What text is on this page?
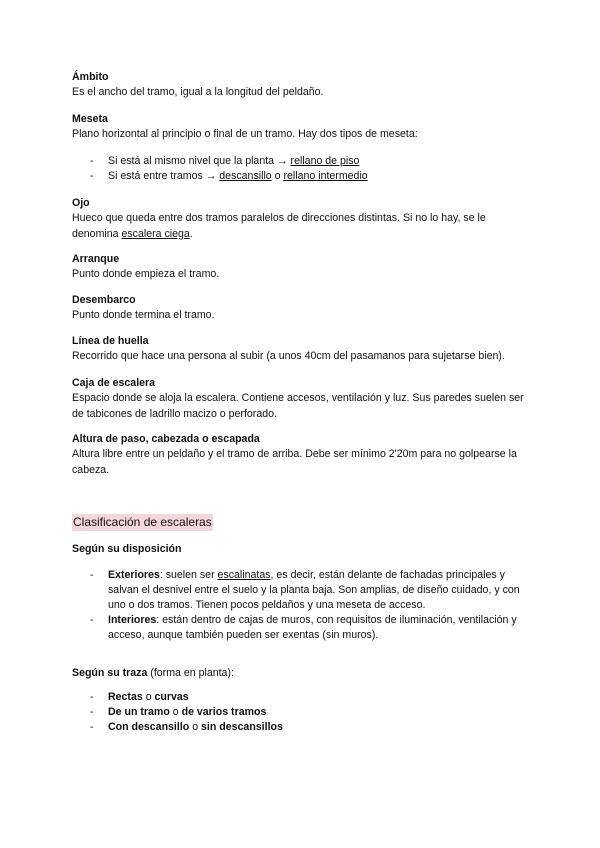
Ámbito
Es el ancho del tramo, igual a la longitud del peldaño.
Meseta
Plano horizontal al principio o final de un tramo. Hay dos tipos de meseta:
- Si está al mismo nivel que la planta → rellano de piso
- Si está entre tramos → descansillo o rellano intermedio
Ojo
Hueco que queda entre dos tramos paralelos de direcciones distintas. Si no lo hay, se le denomina escalera ciega.
Arranque
Punto donde empieza el tramo.
Desembarco
Punto donde termina el tramo.
Línea de huella
Recorrido que hace una persona al subir (a unos 40cm del pasamanos para sujetarse bien).
Caja de escalera
Espacio donde se aloja la escalera. Contiene accesos, ventilación y luz. Sus paredes suelen ser de tabicones de ladrillo macizo o perforado.
Altura de paso, cabezada o escapada
Altura libre entre un peldaño y el tramo de arriba. Debe ser mínimo 2'20m para no golpearse la cabeza.
Clasificación de escaleras
Según su disposición
- Exteriores: suelen ser escalinatas, es decir, están delante de fachadas principales y salvan el desnivel entre el suelo y la planta baja. Son amplias, de diseño cuidado, y con uno o dos tramos. Tienen pocos peldaños y una meseta de acceso.
- Interiores: están dentro de cajas de muros, con requisitos de iluminación, ventilación y acceso, aunque también pueden ser exentas (sin muros).
Según su traza (forma en planta):
- Rectas o curvas
- De un tramo o de varios tramos
- Con descansillo o sin descansillos
